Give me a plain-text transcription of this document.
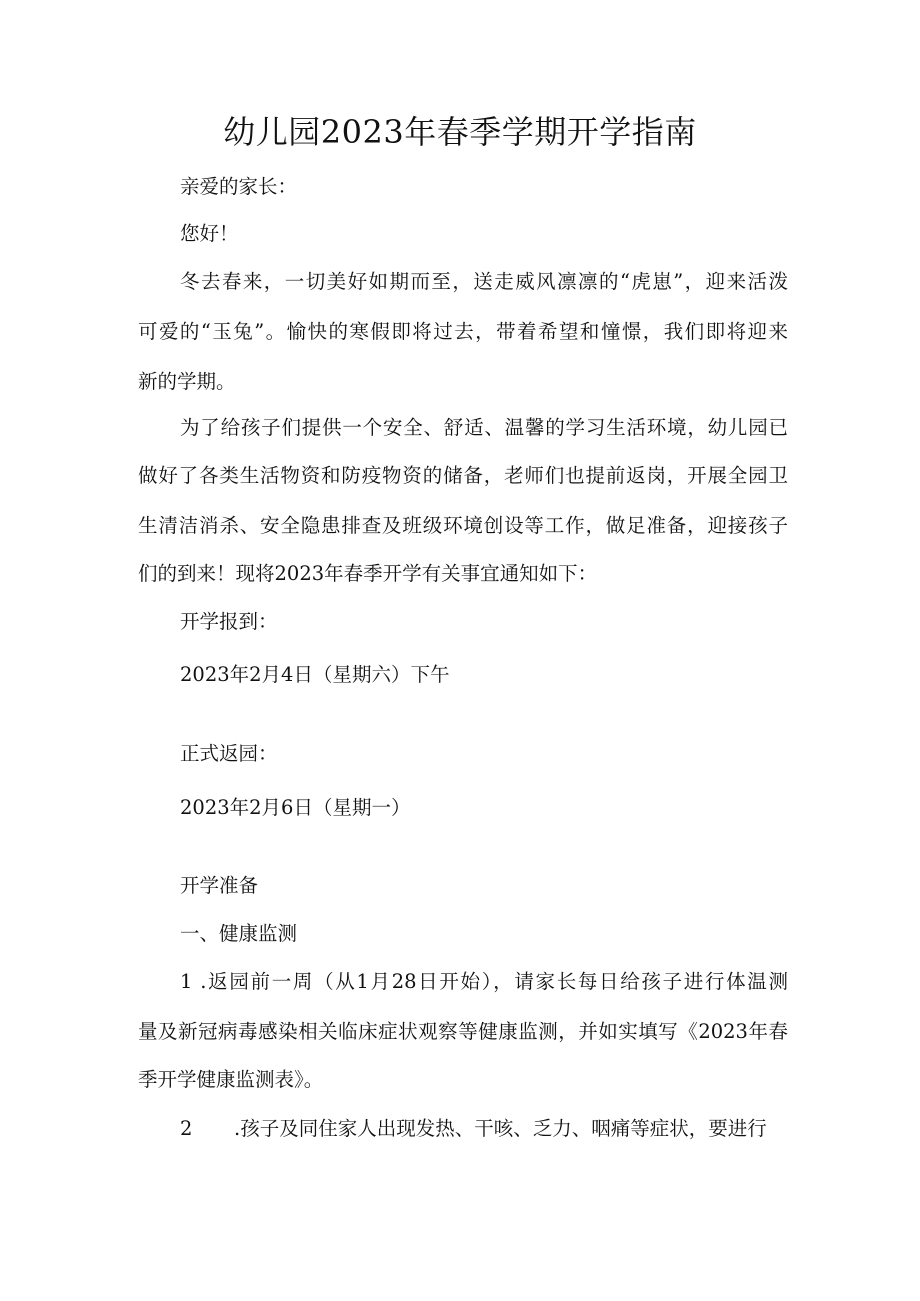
幼儿园2023年春季学期开学指南

亲爱的家长：

您好！

冬去春来，一切美好如期而至，送走威风凛凛的“虎崽”，迎来活泼

可爱的“玉兔”。愉快的寒假即将过去，带着希望和憧憬，我们即将迎来

新的学期。

为了给孩子们提供一个安全、舒适、温馨的学习生活环境，幼儿园已

做好了各类生活物资和防疫物资的储备，老师们也提前返岗，开展全园卫

生清洁消杀、安全隐患排查及班级环境创设等工作，做足准备，迎接孩子

们的到来！现将2023年春季开学有关事宜通知如下：

开学报到：

2023年2月4日（星期六）下午

正式返园：

2023年2月6日（星期一）

开学准备

一、健康监测

1 .返园前一周（从1月28日开始），请家长每日给孩子进行体温测

量及新冠病毒感染相关临床症状观察等健康监测，并如实填写《2023年春

季开学健康监测表》。

2 .孩子及同住家人出现发热、干咳、乏力、咽痛等症状，要进行
